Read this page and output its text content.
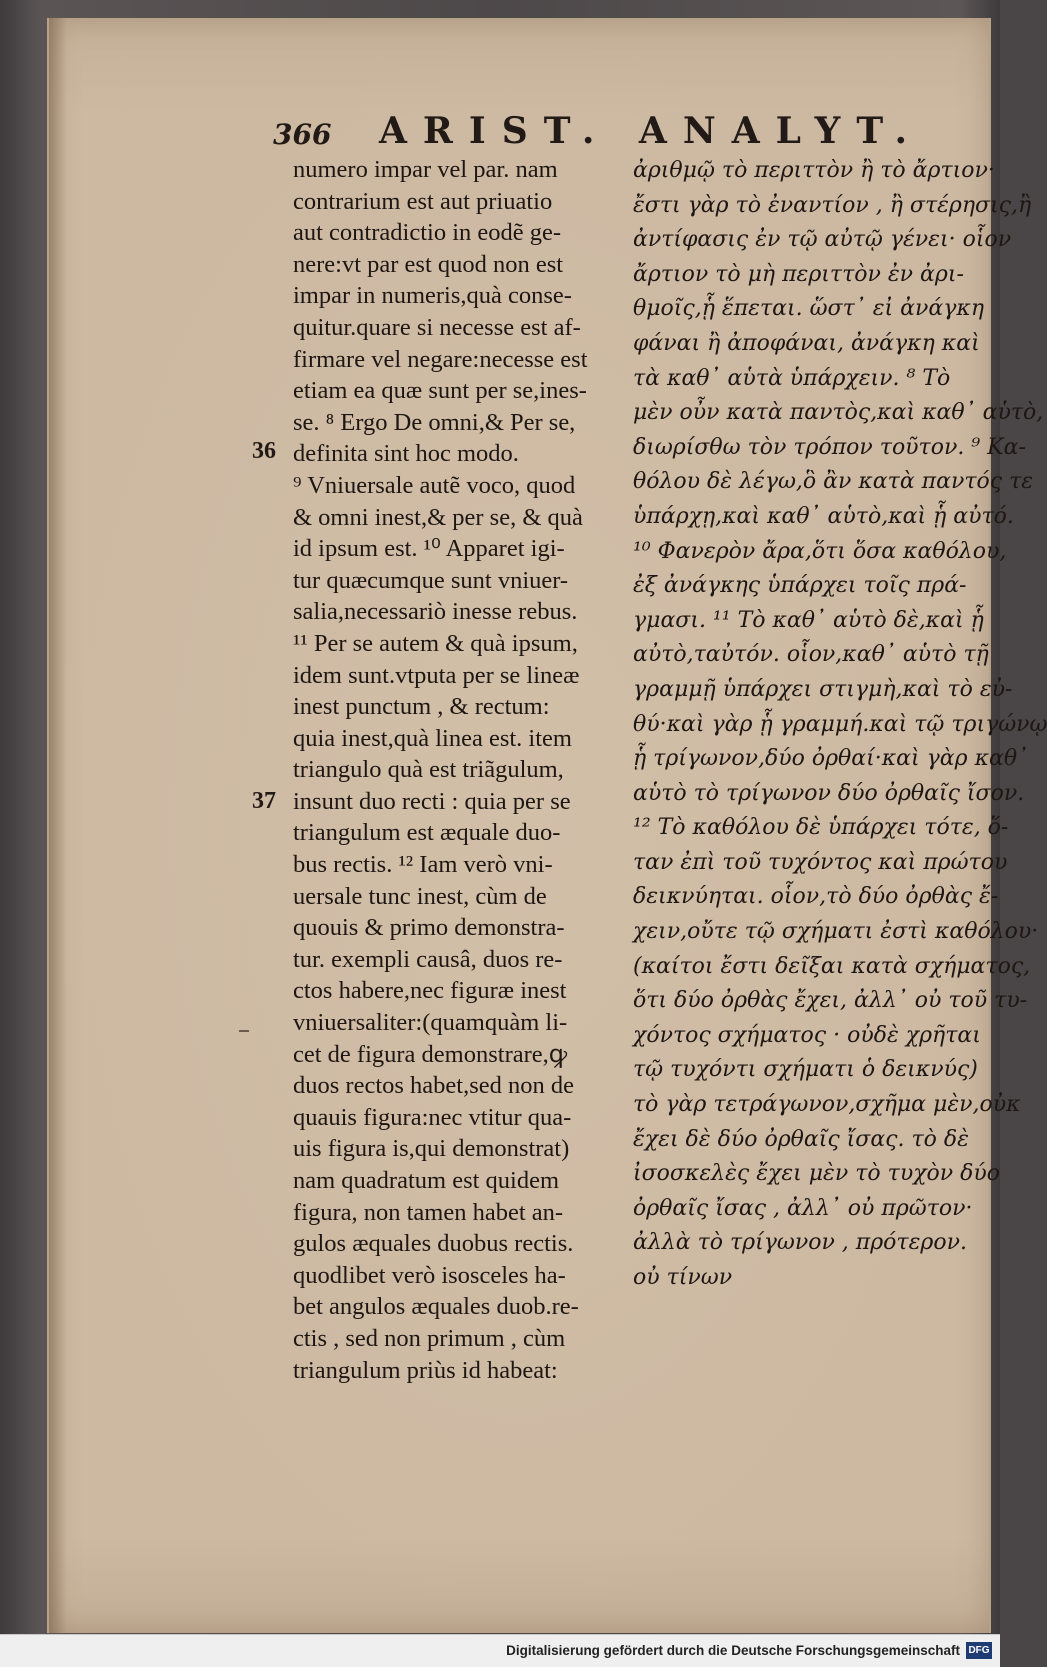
366 ARIST. ANALYT.
36
37
numero impar vel par. nam
contrarium est aut priuatio
aut contradictio in eodẽ ge-
nere:vt par est quod non est
impar in numeris,quà conse-
quitur.quare si necesse est af-
firmare vel negare:necesse est
etiam ea quæ sunt per se,ines-
se. ⁸ Ergo De omni,& Per se,
definita sint hoc modo.
⁹ Vniuersale autẽ voco, quod
& omni inest,& per se, & quà
id ipsum est. ¹⁰ Apparet igi-
tur quæcumque sunt vniuer-
salia,necessariò inesse rebus.
¹¹ Per se autem & quà ipsum,
idem sunt.vtputa per se lineæ
inest punctum , & rectum:
quia inest,quà linea est. item
triangulo quà est triãgulum,
insunt duo recti : quia per se
triangulum est æquale duo-
bus rectis. ¹² Iam verò vni-
uersale tunc inest, cùm de
quouis & primo demonstra-
tur. exempli causâ, duos re-
ctos habere,nec figuræ inest
vniuersaliter:(quamquàm li-
cet de figura demonstrare,ꝙ
duos rectos habet,sed non de
quauis figura:nec vtitur qua-
uis figura is,qui demonstrat)
nam quadratum est quidem
figura, non tamen habet an-
gulos æquales duobus rectis.
quodlibet verò isosceles ha-
bet angulos æquales duob.re-
ctis , sed non primum , cùm
triangulum priùs id habeat:
ἀριθμῷ τὸ περιττὸν ἢ τὸ ἄρτιον·
ἔστι γὰρ τὸ ἐναντίον , ἢ στέρησις,ἢ
ἀντίφασις ἐν τῷ αὐτῷ γένει· οἷον
ἄρτιον τὸ μὴ περιττὸν ἐν ἀρι-
θμοῖς,ᾗ ἕπεται. ὥστ᾽ εἰ ἀνάγκη
φάναι ἢ ἀποφάναι, ἀνάγκη καὶ
τὰ καθ᾽ αὑτὰ ὑπάρχειν. ⁸ Τὸ
μὲν οὖν κατὰ παντὸς,καὶ καθ᾽ αὑτὸ,
διωρίσθω τὸν τρόπον τοῦτον. ⁹ Κα-
θόλου δὲ λέγω,ὃ ἂν κατὰ παντός τε
ὑπάρχῃ,καὶ καθ᾽ αὑτὸ,καὶ ᾗ αὐτό.
¹⁰ Φανερὸν ἄρα,ὅτι ὅσα καθόλου,
ἐξ ἀνάγκης ὑπάρχει τοῖς πρά-
γμασι. ¹¹ Τὸ καθ᾽ αὑτὸ δὲ,καὶ ᾗ
αὐτὸ,ταὐτόν. οἷον,καθ᾽ αὑτὸ τῇ
γραμμῇ ὑπάρχει στιγμὴ,καὶ τὸ εὐ-
θύ·καὶ γὰρ ᾗ γραμμή.καὶ τῷ τριγώνῳ
ᾗ τρίγωνον,δύο ὀρθαί·καὶ γὰρ καθ᾽
αὑτὸ τὸ τρίγωνον δύο ὀρθαῖς ἴσον.
¹² Τὸ καθόλου δὲ ὑπάρχει τότε, ὅ-
ταν ἐπὶ τοῦ τυχόντος καὶ πρώτου
δεικνύηται. οἷον,τὸ δύο ὀρθὰς ἔ-
χειν,οὔτε τῷ σχήματι ἐστὶ καθόλου·
(καίτοι ἔστι δεῖξαι κατὰ σχήματος,
ὅτι δύο ὀρθὰς ἔχει, ἀλλ᾽ οὐ τοῦ τυ-
χόντος σχήματος · οὐδὲ χρῆται
τῷ τυχόντι σχήματι ὁ δεικνύς)
τὸ γὰρ τετράγωνον,σχῆμα μὲν,οὐκ
ἔχει δὲ δύο ὀρθαῖς ἴσας. τὸ δὲ
ἰσοσκελὲς ἔχει μὲν τὸ τυχὸν δύο
ὀρθαῖς ἴσας , ἀλλ᾽ οὐ πρῶτον·
ἀλλὰ τὸ τρίγωνον , πρότερον.
οὐ τίνων
Digitalisierung gefördert durch die Deutsche Forschungsgemeinschaft DFG
